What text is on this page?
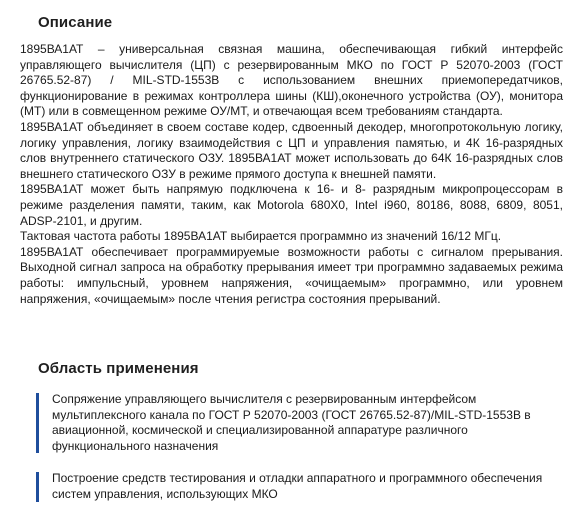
Описание

1895ВА1АТ – универсальная связная машина, обеспечивающая гибкий интерфейс управляющего вычислителя (ЦП) с резервированным МКО по ГОСТ Р 52070-2003 (ГОСТ 26765.52-87) / MIL-STD-1553В с использованием внешних приемопередатчиков, функционирование в режимах контроллера шины (КШ),оконечного устройства (ОУ), монитора (МТ) или в совмещенном режиме ОУ/МТ, и отвечающая всем требованиям стандарта.

1895ВА1АТ объединяет в своем составе кодер, сдвоенный декодер, многопротокольную логику, логику управления, логику взаимодействия с ЦП и управления памятью, и 4К 16-разрядных слов внутреннего статического ОЗУ. 1895ВА1АТ может использовать до 64К 16-разрядных слов внешнего статического ОЗУ в режиме прямого доступа к внешней памяти.

1895ВА1АТ может быть напрямую подключена к 16- и 8- разрядным микропроцессорам в режиме разделения памяти, таким, как Motorola 680X0, Intel i960, 80186, 8088, 6809, 8051, ADSP-2101, и другим.

Тактовая частота работы 1895ВА1АТ выбирается программно из значений 16/12 МГц.

1895ВА1АТ обеспечивает программируемые возможности работы с сигналом прерывания. Выходной сигнал запроса на обработку прерывания имеет три программно задаваемых режима работы: импульсный, уровнем напряжения, «очищаемым» программно, или уровнем напряжения, «очищаемым» после чтения регистра состояния прерываний.

Область применения
Сопряжение управляющего вычислителя с резервированным интерфейсом мультиплексного канала по ГОСТ Р 52070-2003 (ГОСТ 26765.52-87)/MIL-STD-1553В в авиационной, космической и специализированной аппаратуре различного функционального назначения
Построение средств тестирования и отладки аппаратного и программного обеспечения систем управления, использующих МКО
